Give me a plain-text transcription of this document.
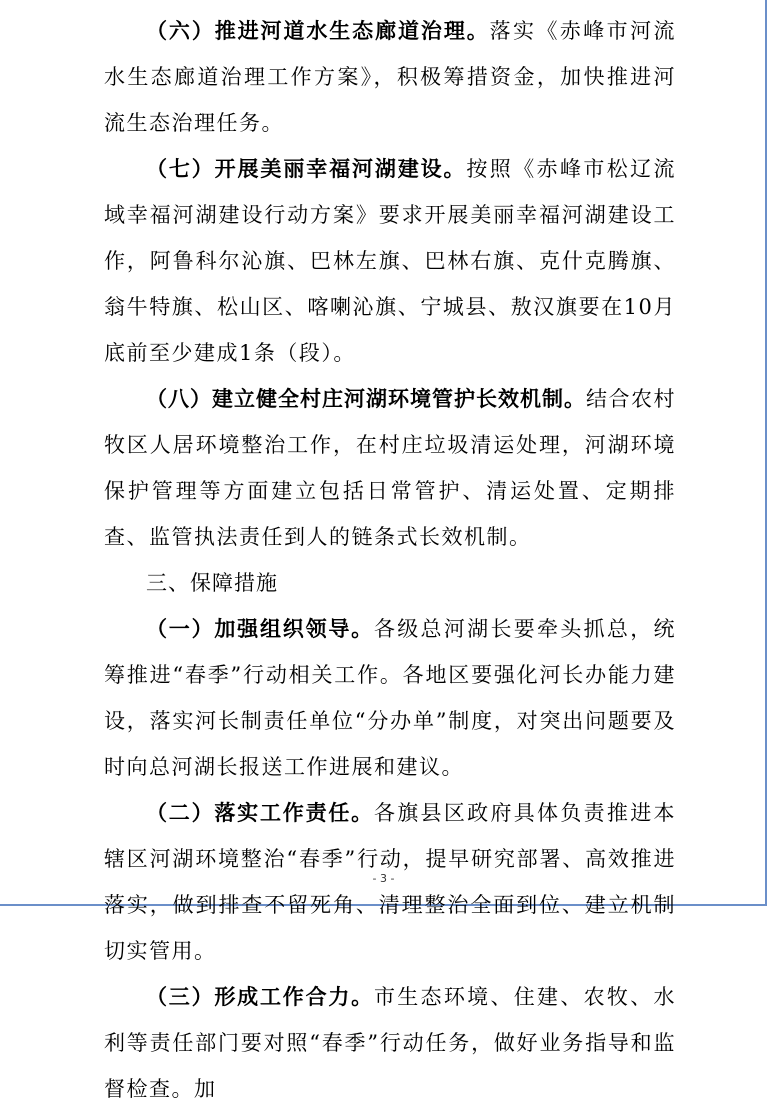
（六）推进河道水生态廊道治理。落实《赤峰市河流水生态廊道治理工作方案》，积极筹措资金，加快推进河流生态治理任务。

（七）开展美丽幸福河湖建设。按照《赤峰市松辽流域幸福河湖建设行动方案》要求开展美丽幸福河湖建设工作，阿鲁科尔沁旗、巴林左旗、巴林右旗、克什克腾旗、翁牛特旗、松山区、喀喇沁旗、宁城县、敖汉旗要在10月底前至少建成1条（段）。

（八）建立健全村庄河湖环境管护长效机制。结合农村牧区人居环境整治工作，在村庄垃圾清运处理，河湖环境保护管理等方面建立包括日常管护、清运处置、定期排查、监管执法责任到人的链条式长效机制。

三、保障措施

（一）加强组织领导。各级总河湖长要牵头抓总，统筹推进“春季”行动相关工作。各地区要强化河长办能力建设，落实河长制责任单位“分办单”制度，对突出问题要及时向总河湖长报送工作进展和建议。

（二）落实工作责任。各旗县区政府具体负责推进本辖区河湖环境整治“春季”行动，提早研究部署、高效推进落实，做到排查不留死角、清理整治全面到位、建立机制切实管用。

（三）形成工作合力。市生态环境、住建、农牧、水利等责任部门要对照“春季”行动任务，做好业务指导和监督检查。加

- 3 -
